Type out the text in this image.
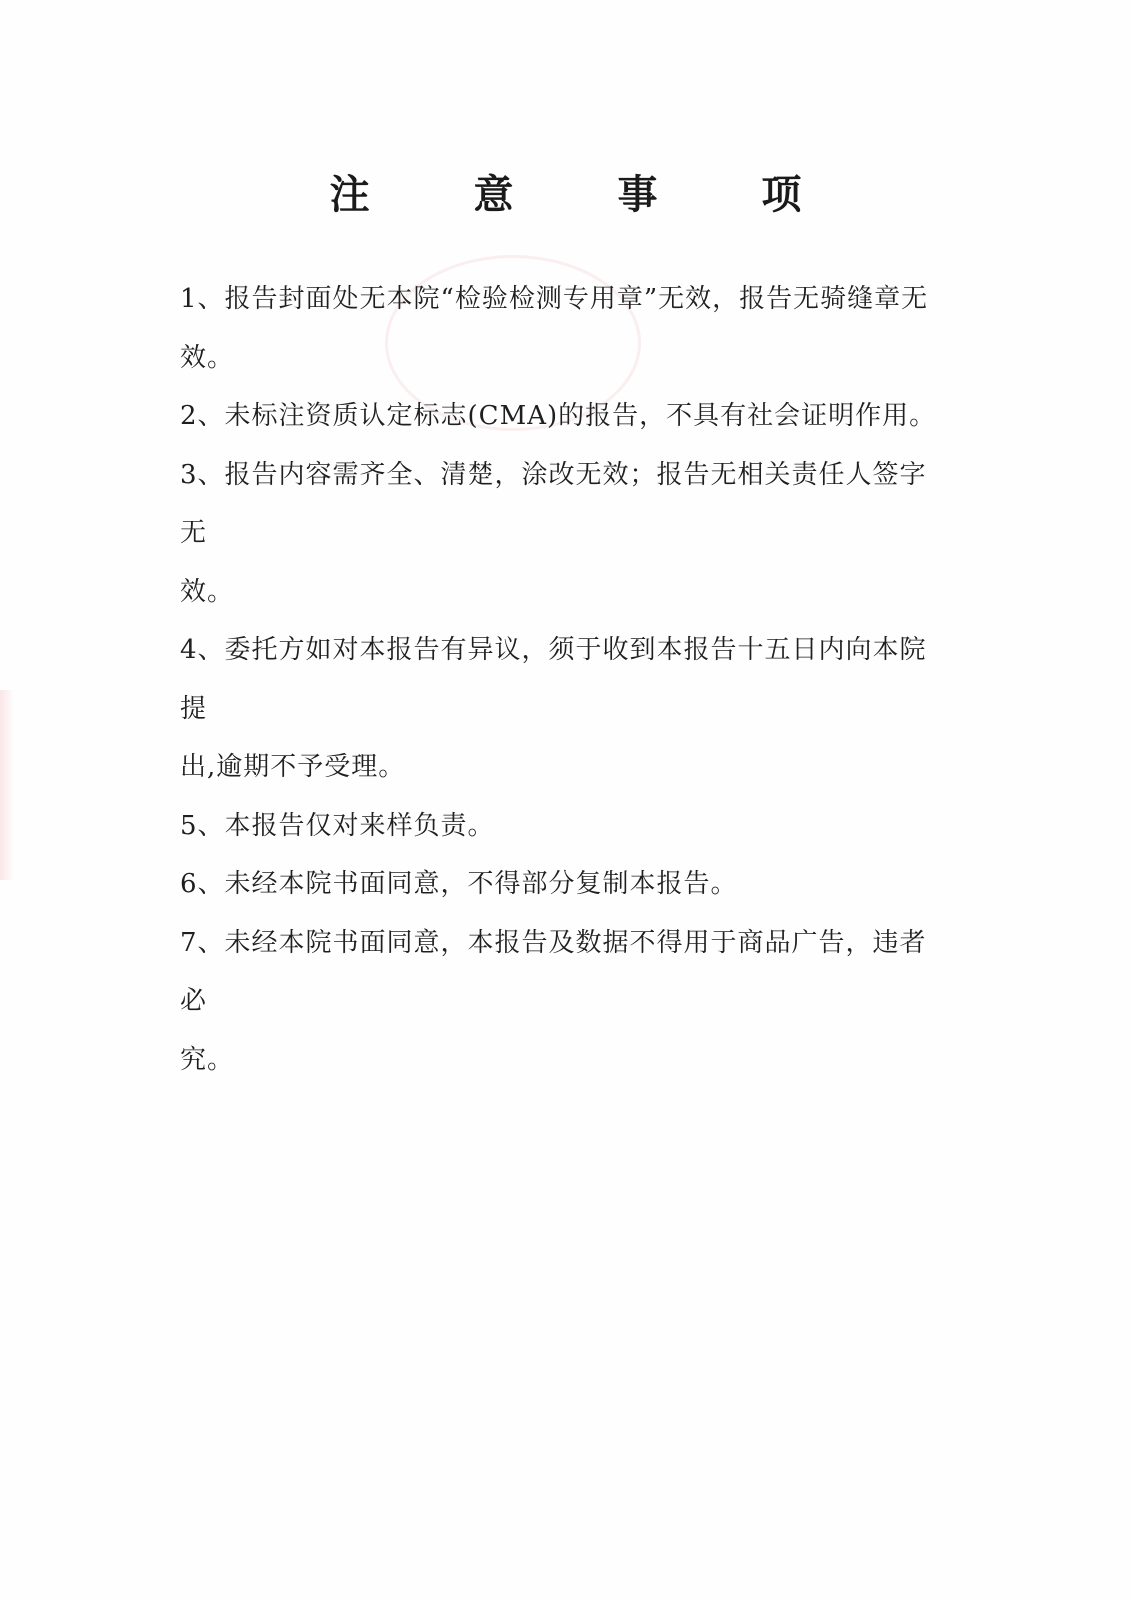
注 意 事 项
1、报告封面处无本院“检验检测专用章”无效，报告无骑缝章无
效。
2、未标注资质认定标志(CMA)的报告，不具有社会证明作用。
3、报告内容需齐全、清楚，涂改无效；报告无相关责任人签字无
效。
4、委托方如对本报告有异议，须于收到本报告十五日内向本院提
出,逾期不予受理。
5、本报告仅对来样负责。
6、未经本院书面同意，不得部分复制本报告。
7、未经本院书面同意，本报告及数据不得用于商品广告，违者必
究。
